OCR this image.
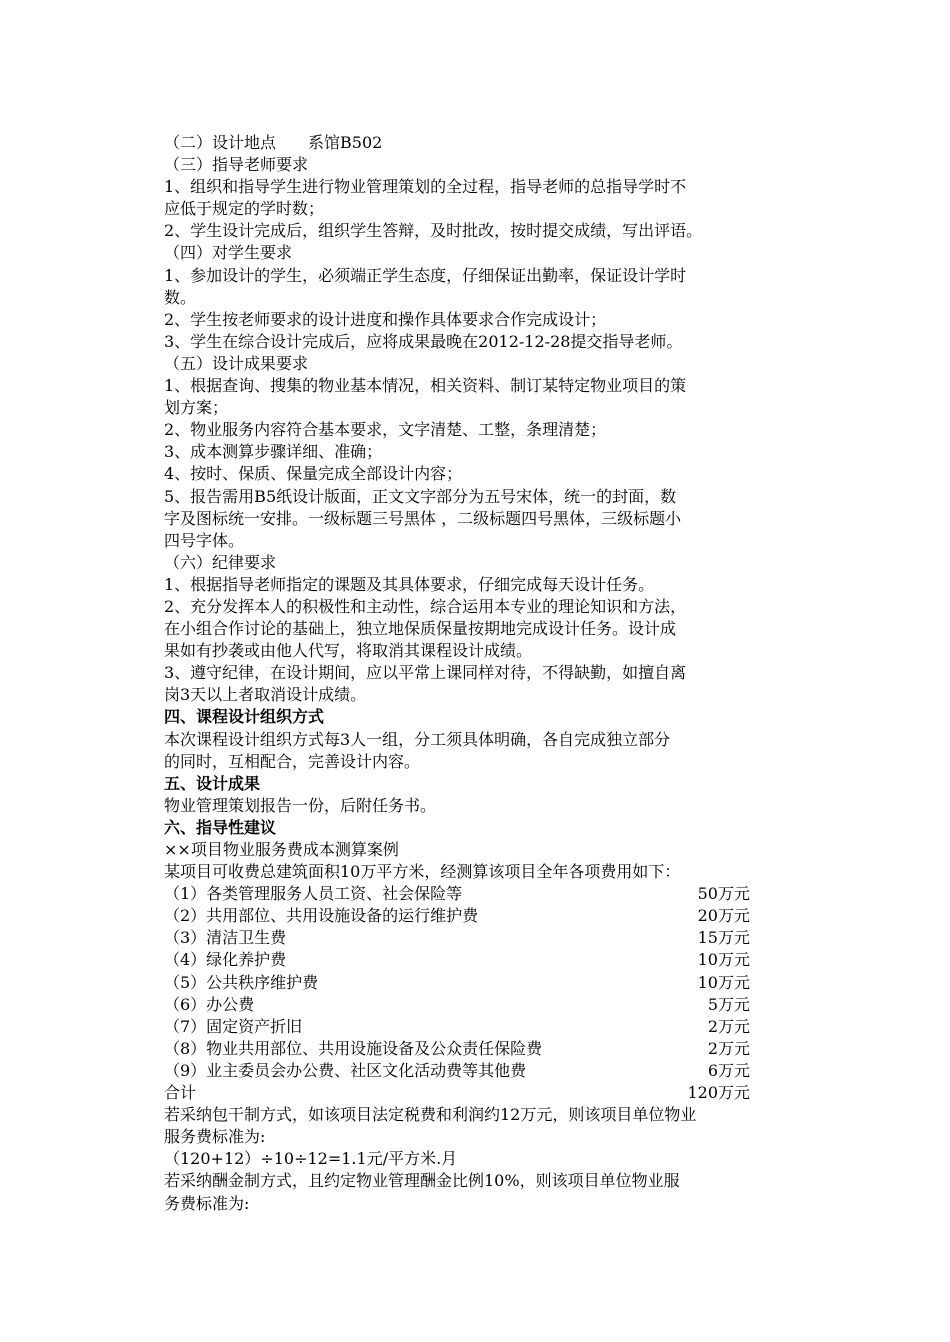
（二）设计地点　　系馆B502
（三）指导老师要求
1、组织和指导学生进行物业管理策划的全过程，指导老师的总指导学时不
应低于规定的学时数；
2、学生设计完成后，组织学生答辩，及时批改，按时提交成绩，写出评语。
（四）对学生要求
1、参加设计的学生，必须端正学生态度，仔细保证出勤率，保证设计学时
数。
2、学生按老师要求的设计进度和操作具体要求合作完成设计；
3、学生在综合设计完成后，应将成果最晚在2012-12-28提交指导老师。
（五）设计成果要求
1、根据查询、搜集的物业基本情况，相关资料、制订某特定物业项目的策
划方案；
2、物业服务内容符合基本要求，文字清楚、工整，条理清楚；
3、成本测算步骤详细、准确；
4、按时、保质、保量完成全部设计内容；
5、报告需用B5纸设计版面，正文文字部分为五号宋体，统一的封面，数
字及图标统一安排。一级标题三号黑体 ，二级标题四号黑体，三级标题小
四号字体。
（六）纪律要求
1、根据指导老师指定的课题及其具体要求，仔细完成每天设计任务。
2、充分发挥本人的积极性和主动性，综合运用本专业的理论知识和方法，
在小组合作讨论的基础上，独立地保质保量按期地完成设计任务。设计成
果如有抄袭或由他人代写，将取消其课程设计成绩。
3、遵守纪律，在设计期间，应以平常上课同样对待，不得缺勤，如擅自离
岗3天以上者取消设计成绩。
四、课程设计组织方式
本次课程设计组织方式每3人一组，分工须具体明确，各自完成独立部分
的同时，互相配合，完善设计内容。
五、设计成果
物业管理策划报告一份，后附任务书。
六、指导性建议
××项目物业服务费成本测算案例
某项目可收费总建筑面积10万平方米，经测算该项目全年各项费用如下：
（1）各类管理服务人员工资、社会保险等	50万元
（2）共用部位、共用设施设备的运行维护费	20万元
（3）清洁卫生费	15万元
（4）绿化养护费	10万元
（5）公共秩序维护费	10万元
（6）办公费	5万元
（7）固定资产折旧	2万元
（8）物业共用部位、共用设施设备及公众责任保险费	2万元
（9）业主委员会办公费、社区文化活动费等其他费	6万元
合计	120万元
若采纳包干制方式，如该项目法定税费和利润约12万元，则该项目单位物业
服务费标准为:
（120+12）÷10÷12=1.1元/平方米.月
若采纳酬金制方式，且约定物业管理酬金比例10%，则该项目单位物业服
务费标准为:
